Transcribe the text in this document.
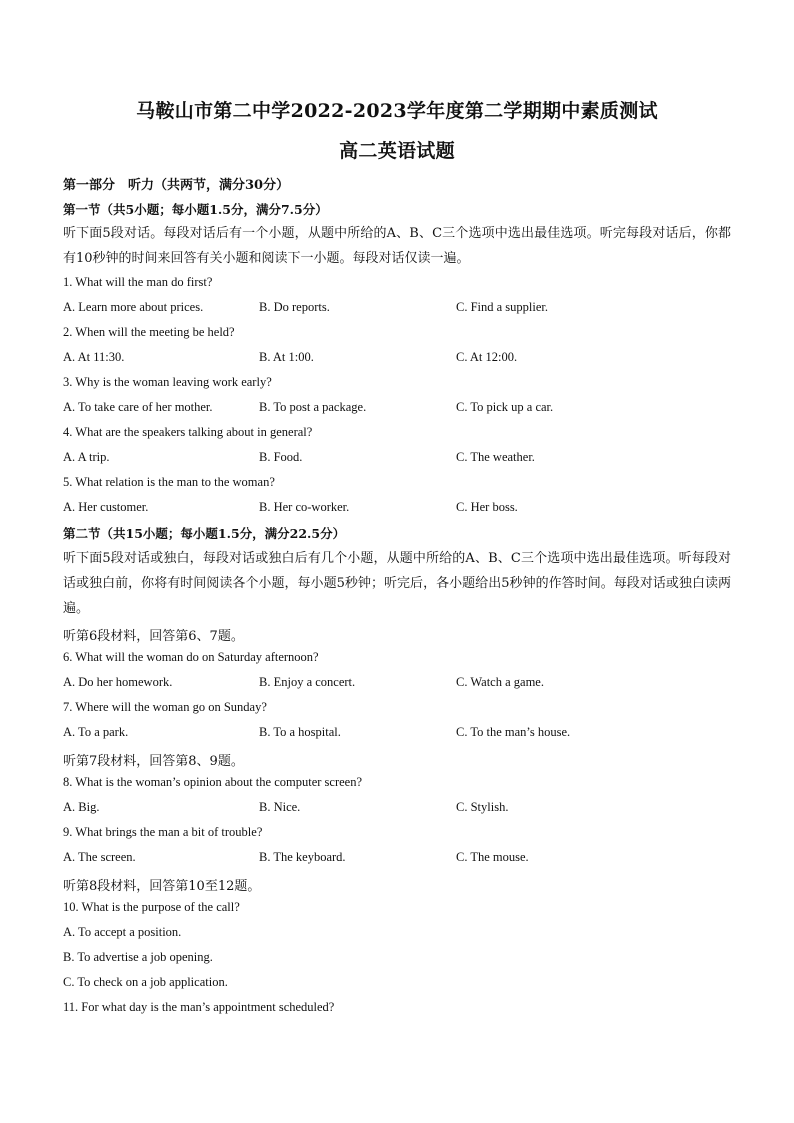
马鞍山市第二中学2022-2023学年度第二学期期中素质测试
高二英语试题
第一部分　听力（共两节，满分30分）
第一节（共5小题；每小题1.5分，满分7.5分）
听下面5段对话。每段对话后有一个小题，从题中所给的A、B、C三个选项中选出最佳选项。听完每段对话后，你都有10秒钟的时间来回答有关小题和阅读下一小题。每段对话仅读一遍。
1. What will the man do first?
A. Learn more about prices.	B. Do reports.	C. Find a supplier.
2. When will the meeting be held?
A. At 11:30.	B. At 1:00.	C. At 12:00.
3. Why is the woman leaving work early?
A. To take care of her mother.	B. To post a package.	C. To pick up a car.
4. What are the speakers talking about in general?
A. A trip.	B. Food.	C. The weather.
5. What relation is the man to the woman?
A. Her customer.	B. Her co-worker.	C. Her boss.
第二节（共15小题；每小题1.5分，满分22.5分）
听下面5段对话或独白，每段对话或独白后有几个小题，从题中所给的A、B、C三个选项中选出最佳选项。听每段对话或独白前，你将有时间阅读各个小题，每小题5秒钟；听完后，各小题给出5秒钟的作答时间。每段对话或独白读两遍。
听第6段材料，回答第6、7题。
6. What will the woman do on Saturday afternoon?
A. Do her homework.	B. Enjoy a concert.	C. Watch a game.
7. Where will the woman go on Sunday?
A. To a park.	B. To a hospital.	C. To the man’s house.
听第7段材料，回答第8、9题。
8. What is the woman’s opinion about the computer screen?
A. Big.	B. Nice.	C. Stylish.
9. What brings the man a bit of trouble?
A. The screen.	B. The keyboard.	C. The mouse.
听第8段材料，回答第10至12题。
10. What is the purpose of the call?
A. To accept a position.
B. To advertise a job opening.
C. To check on a job application.
11. For what day is the man’s appointment scheduled?
